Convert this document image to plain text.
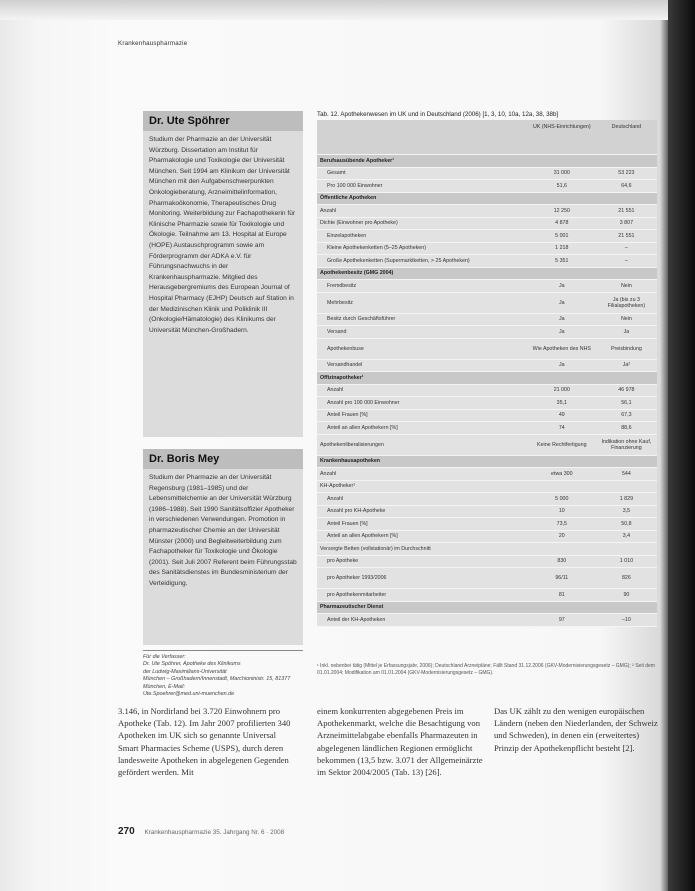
Krankenhauspharmazie
Dr. Ute Spöhrer
Studium der Pharmazie an der Universität Würzburg. Dissertation am Institut für Pharmakologie und Toxikologie der Universität München. Seit 1994 am Klinikum der Universität München mit den Aufgabenschwerpunkten Onkologieberatung, Arzneimittelinformation, Pharmakoökonomie, Therapeutisches Drug Monitoring. Weiterbildung zur Fachapothekerin für Klinische Pharmazie sowie für Toxikologie und Ökologie. Teilnahme am 13. Hospital at Europe (HOPE) Austauschprogramm sowie am Förderprogramm der ADKA e.V. für Führungsnachwuchs in der Krankenhauspharmazie. Mitglied des Herausgebergremiums des European Journal of Hospital Pharmacy (EJHP) Deutsch auf Station in der Medizinischen Klinik und Poliklinik III (Onkologie/Hämatologie) des Klinikums der Universität München-Großhadern.
Dr. Boris Mey
Studium der Pharmazie an der Universität Regensburg (1981–1985) und der Lebensmittelchemie an der Universität Würzburg (1986–1988). Seit 1990 Sanitätsoffizier Apotheker in verschiedenen Verwendungen. Promotion in pharmazeutischer Chemie an der Universität Münster (2000) und Begleitweiterbildung zum Fachapotheker für Toxikologie und Ökologie (2001). Seit Juli 2007 Referent beim Führungsstab des Sanitätsdienstes im Bundesministerium der Verteidigung.
Für die Verfasser:
Dr. Ute Spöhrer, Apotheke des Klinikums
der Ludwig-Maximilians-Universität
München – Großhadern/Innenstadt, Marchioninistr. 15, 81377 München, E-Mail:
Ute.Spoehrer@med.uni-muenchen.de
Tab. 12. Apothekenwesen im UK und in Deutschland (2006) [1, 3, 10, 10a, 12a, 38, 38b]
	UK (NHS-Einrichtungen)	Deutschland
Berufsausübende Apotheker¹		
Gesamt	31 000	53 223
Pro 100 000 Einwohner	51,6	64,6
Öffentliche Apotheken		
Anzahl	12 250	21 551
Dichte (Einwohner pro Apotheke)	4 878	3 807
Einzelapotheken	5 001	21 551
Kleine Apothekenketten (5–25 Apotheken)	1 218	–
Große Apothekenketten (Supermarktketten, > 25 Apotheken)	5 351	–
Apothekenbesitz (GMG 2004)		
Fremdbesitz	Ja	Nein
Mehrbesitz	Ja	Ja (bis zu 3 Filialapotheken)
Besitz durch Geschäftsführer	Ja	Nein
Versand	Ja	Ja
Apothekenbuse	Wie Apotheken des NHS	Preisbindung
Versandhandel	Ja	Ja²
Offizinapotheker¹		
Anzahl	21 000	46 978
Anzahl pro 100 000 Einwohner	35,1	56,1
Anteil Frauen [%]	49	67,3
Anteil an allen Apothekern [%]	74	88,6
Apothekenliberalisierungen	Keine Rechtfertigung	Indikation ohne Kauf, Finanzierung
Krankenhausapotheken		
Anzahl	etwa 300	544
KH-Apotheker¹		
Anzahl	5 000	1 829
Anzahl pro KH-Apotheke	10	3,5
Anteil Frauen [%]	73,5	50,8
Anteil an allen Apothekern [%]	20	3,4
Versorgte Betten (vollstationär) im Durchschnitt		
pro Apotheke	830	1 010
pro Apotheker 1993/2006	96/11	826
pro Apothekenmitarbeiter	81	90
Pharmazeutischer Dienst		
Anteil der KH-Apotheken	97	–10
¹ Inkl. nebenbei tätig (Mittel je Erfassungsjahr, 2006); Deutschland Arzneipläne; Fällt Stand 31.12.2006 (GKV-Modernisierungsgesetz – GMG); ² Seit dem 01.01.2004; Modifikation am 01.01.2004 (GKV-Modernisierungsgesetz – GMG).
3.146, in Nordirland bei 3.720 Einwohnern pro Apotheke (Tab. 12). Im Jahr 2007 profilierten 340 Apotheken im UK sich so genannte Universal Smart Pharmacies Scheme (USPS), durch deren landesweite Apotheken in abgelegenen Gegenden gefördert werden. Mit
einem konkurrenten abgegebenen Preis im Apothekenmarkt, welche die Besachtigung von Arzneimittelabgabe ebenfalls Pharmazeuten in abgelegenen ländlichen Regionen ermöglicht bekommen (13,5 bzw. 3.071 der Allgemeinärzte im Sektor 2004/2005 (Tab. 13) [26].
Das UK zählt zu den wenigen europäischen Ländern (neben den Niederlanden, der Schweiz und Schweden), in denen ein (erweitertes) Prinzip der Apothekenpflicht besteht [2].
270 Krankenhauspharmazie 35. Jahrgang Nr. 6 · 2008
